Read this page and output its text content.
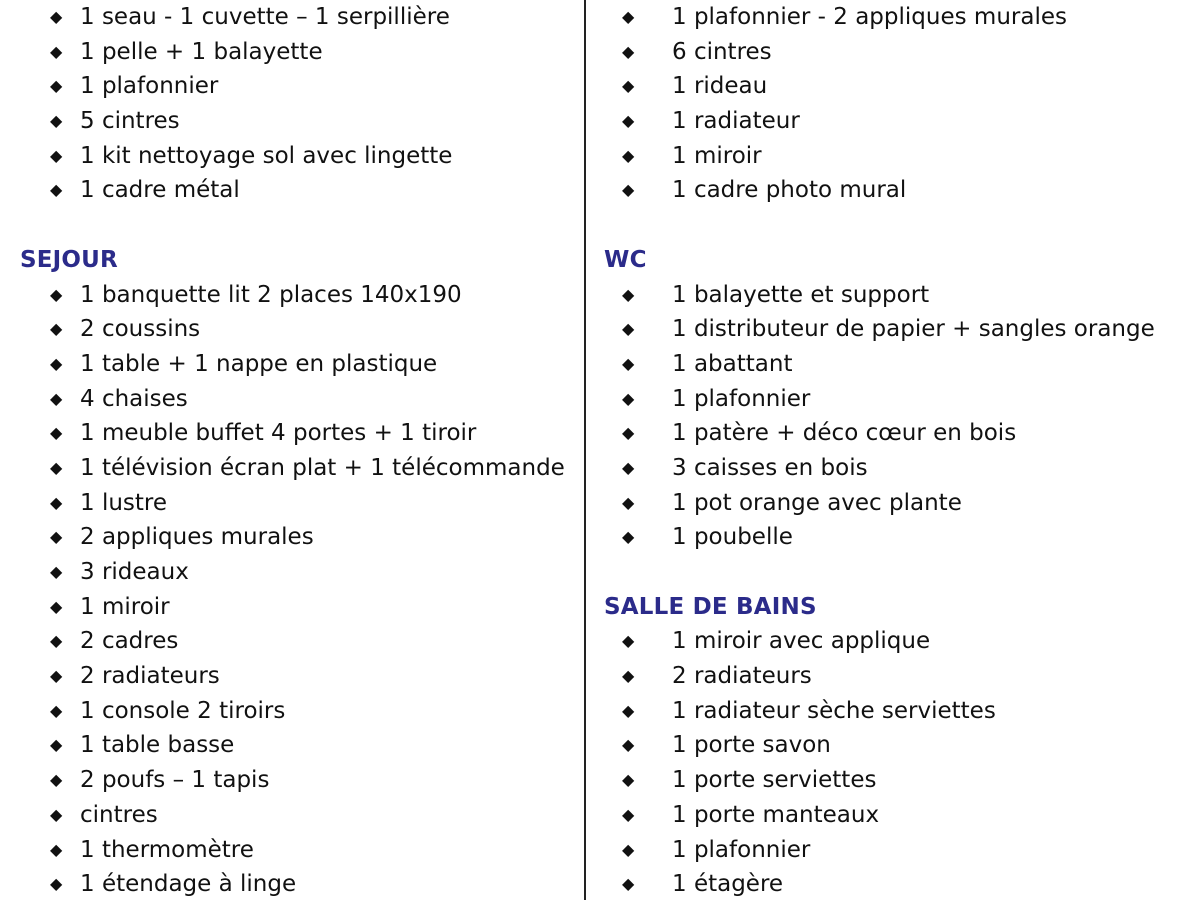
◆ 1 seau - 1 cuvette – 1 serpillière
◆ 1 pelle + 1 balayette
◆ 1 plafonnier
◆ 5 cintres
◆ 1 kit nettoyage sol avec lingette
◆ 1 cadre métal
SEJOUR
◆ 1 banquette lit 2 places 140x190
◆ 2 coussins
◆ 1 table + 1 nappe en plastique
◆ 4 chaises
◆ 1 meuble buffet 4 portes + 1 tiroir
◆ 1 télévision écran plat + 1 télécommande
◆ 1 lustre
◆ 2 appliques murales
◆ 3 rideaux
◆ 1 miroir
◆ 2 cadres
◆ 2 radiateurs
◆ 1 console 2 tiroirs
◆ 1 table basse
◆ 2 poufs – 1 tapis
◆ cintres
◆ 1 thermomètre
◆ 1 étendage à linge
◆ 1 plafonnier - 2 appliques murales
◆ 6 cintres
◆ 1 rideau
◆ 1 radiateur
◆ 1 miroir
◆ 1 cadre photo mural
WC
◆ 1 balayette et support
◆ 1 distributeur de papier + sangles orange
◆ 1 abattant
◆ 1 plafonnier
◆ 1 patère + déco cœur en bois
◆ 3 caisses en bois
◆ 1 pot orange avec plante
◆ 1 poubelle
SALLE DE BAINS
◆ 1 miroir avec applique
◆ 2 radiateurs
◆ 1 radiateur sèche serviettes
◆ 1 porte savon
◆ 1 porte serviettes
◆ 1 porte manteaux
◆ 1 plafonnier
◆ 1 étagère
